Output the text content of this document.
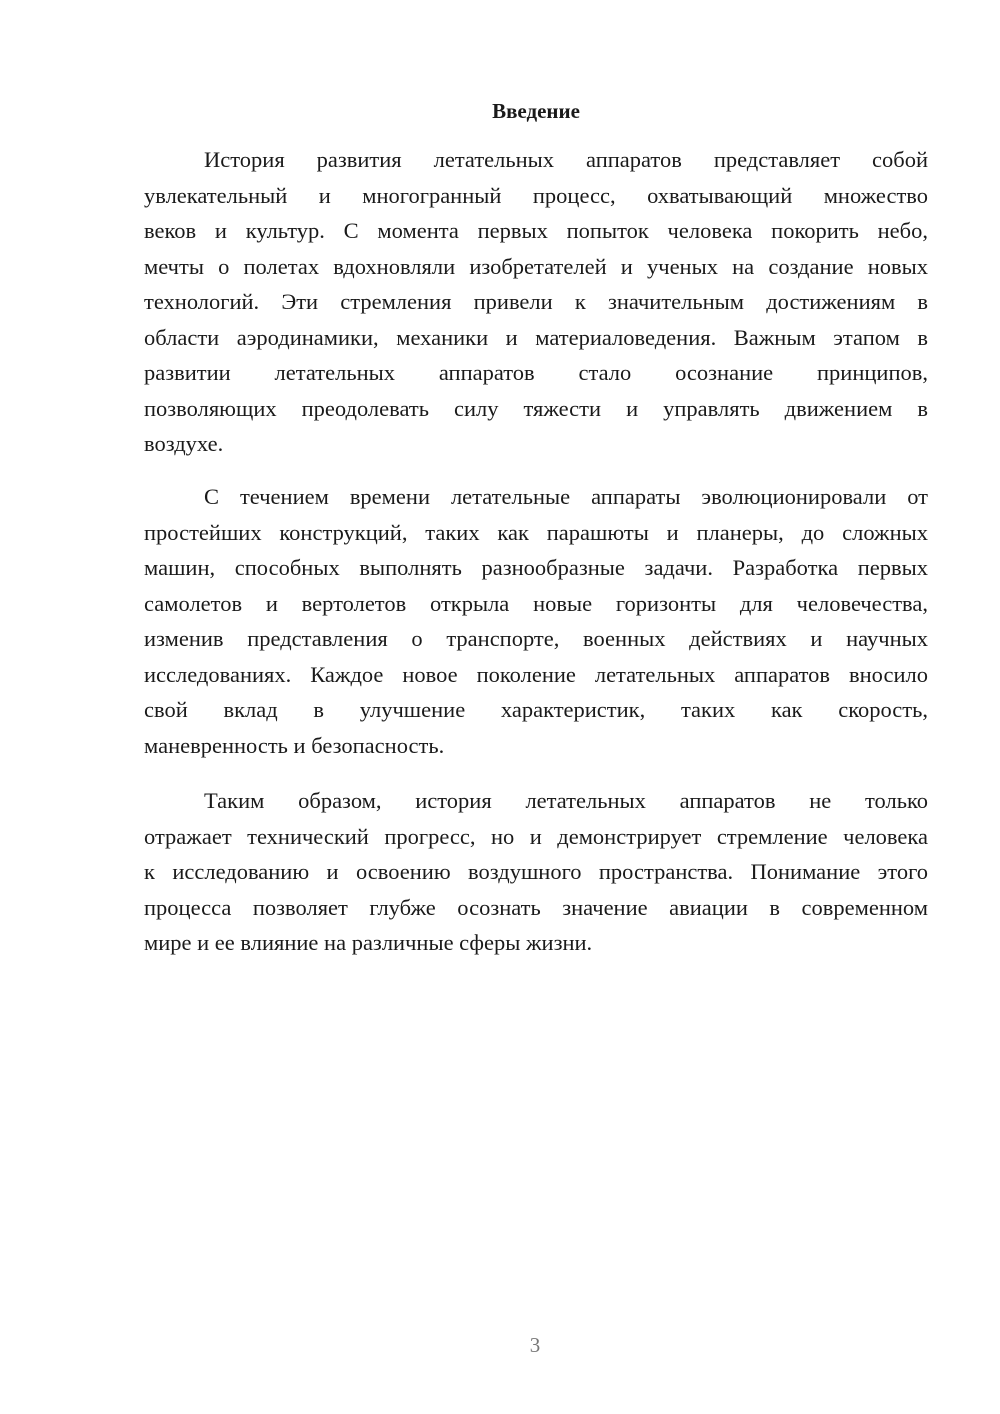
Введение
История развития летательных аппаратов представляет собой
увлекательный и многогранный процесс, охватывающий множество
веков и культур. С момента первых попыток человека покорить небо,
мечты о полетах вдохновляли изобретателей и ученых на создание новых
технологий. Эти стремления привели к значительным достижениям в
области аэродинамики, механики и материаловедения. Важным этапом в
развитии летательных аппаратов стало осознание принципов,
позволяющих преодолевать силу тяжести и управлять движением в
воздухе.
С течением времени летательные аппараты эволюционировали от
простейших конструкций, таких как парашюты и планеры, до сложных
машин, способных выполнять разнообразные задачи. Разработка первых
самолетов и вертолетов открыла новые горизонты для человечества,
изменив представления о транспорте, военных действиях и научных
исследованиях. Каждое новое поколение летательных аппаратов вносило
свой вклад в улучшение характеристик, таких как скорость,
маневренность и безопасность.
Таким образом, история летательных аппаратов не только
отражает технический прогресс, но и демонстрирует стремление человека
к исследованию и освоению воздушного пространства. Понимание этого
процесса позволяет глубже осознать значение авиации в современном
мире и ее влияние на различные сферы жизни.
3
